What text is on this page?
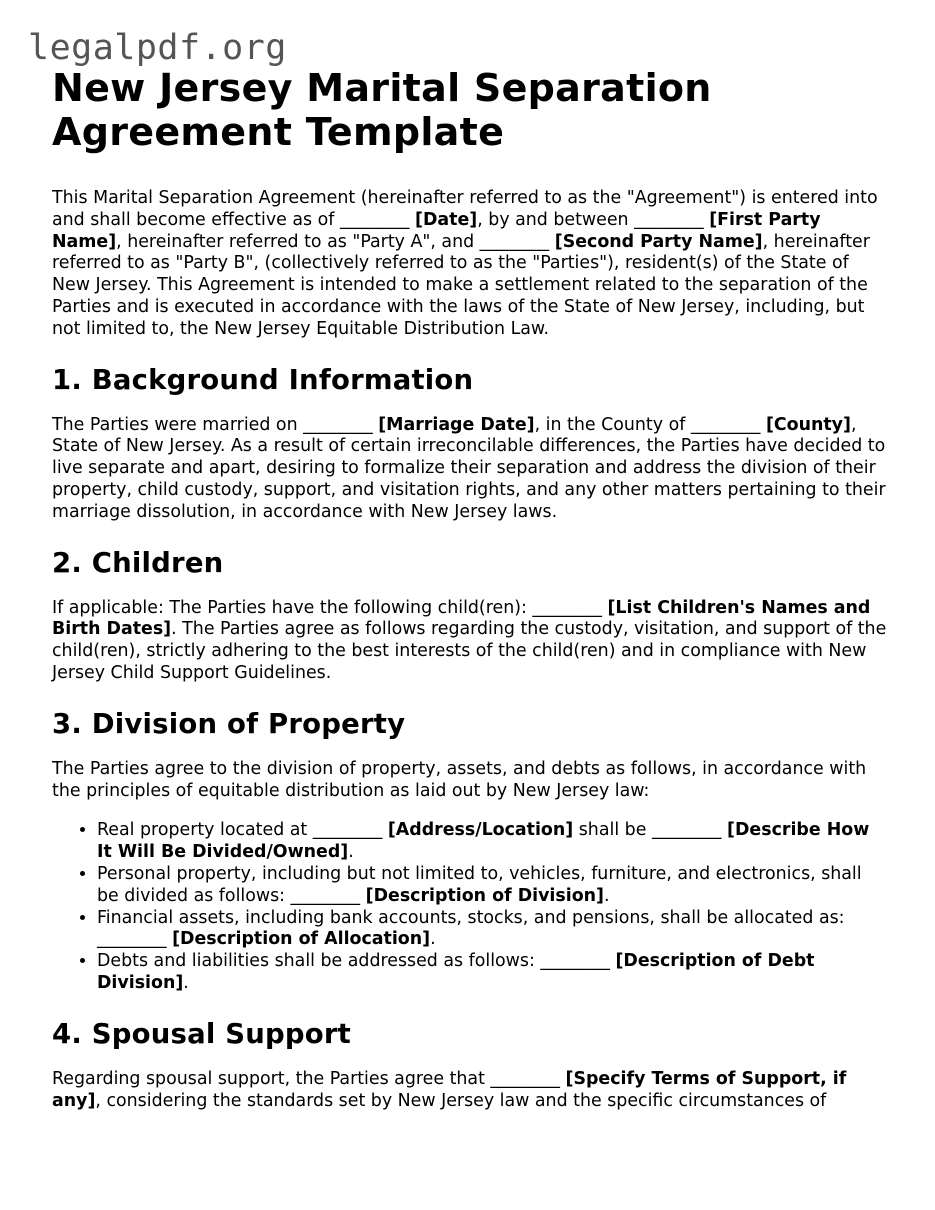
legalpdf.org
New Jersey Marital Separation Agreement Template

This Marital Separation Agreement (hereinafter referred to as the "Agreement") is entered into and shall become effective as of ________ [Date], by and between ________ [First Party Name], hereinafter referred to as "Party A", and ________ [Second Party Name], hereinafter referred to as "Party B", (collectively referred to as the "Parties"), resident(s) of the State of New Jersey. This Agreement is intended to make a settlement related to the separation of the Parties and is executed in accordance with the laws of the State of New Jersey, including, but not limited to, the New Jersey Equitable Distribution Law.

1. Background Information

The Parties were married on ________ [Marriage Date], in the County of ________ [County], State of New Jersey. As a result of certain irreconcilable differences, the Parties have decided to live separate and apart, desiring to formalize their separation and address the division of their property, child custody, support, and visitation rights, and any other matters pertaining to their marriage dissolution, in accordance with New Jersey laws.

2. Children

If applicable: The Parties have the following child(ren): ________ [List Children's Names and Birth Dates]. The Parties agree as follows regarding the custody, visitation, and support of the child(ren), strictly adhering to the best interests of the child(ren) and in compliance with New Jersey Child Support Guidelines.

3. Division of Property

The Parties agree to the division of property, assets, and debts as follows, in accordance with the principles of equitable distribution as laid out by New Jersey law:

• Real property located at ________ [Address/Location] shall be ________ [Describe How It Will Be Divided/Owned].
• Personal property, including but not limited to, vehicles, furniture, and electronics, shall be divided as follows: ________ [Description of Division].
• Financial assets, including bank accounts, stocks, and pensions, shall be allocated as: ________ [Description of Allocation].
• Debts and liabilities shall be addressed as follows: ________ [Description of Debt Division].
4. Spousal Support

Regarding spousal support, the Parties agree that ________ [Specify Terms of Support, if any], considering the standards set by New Jersey law and the specific circumstances of
